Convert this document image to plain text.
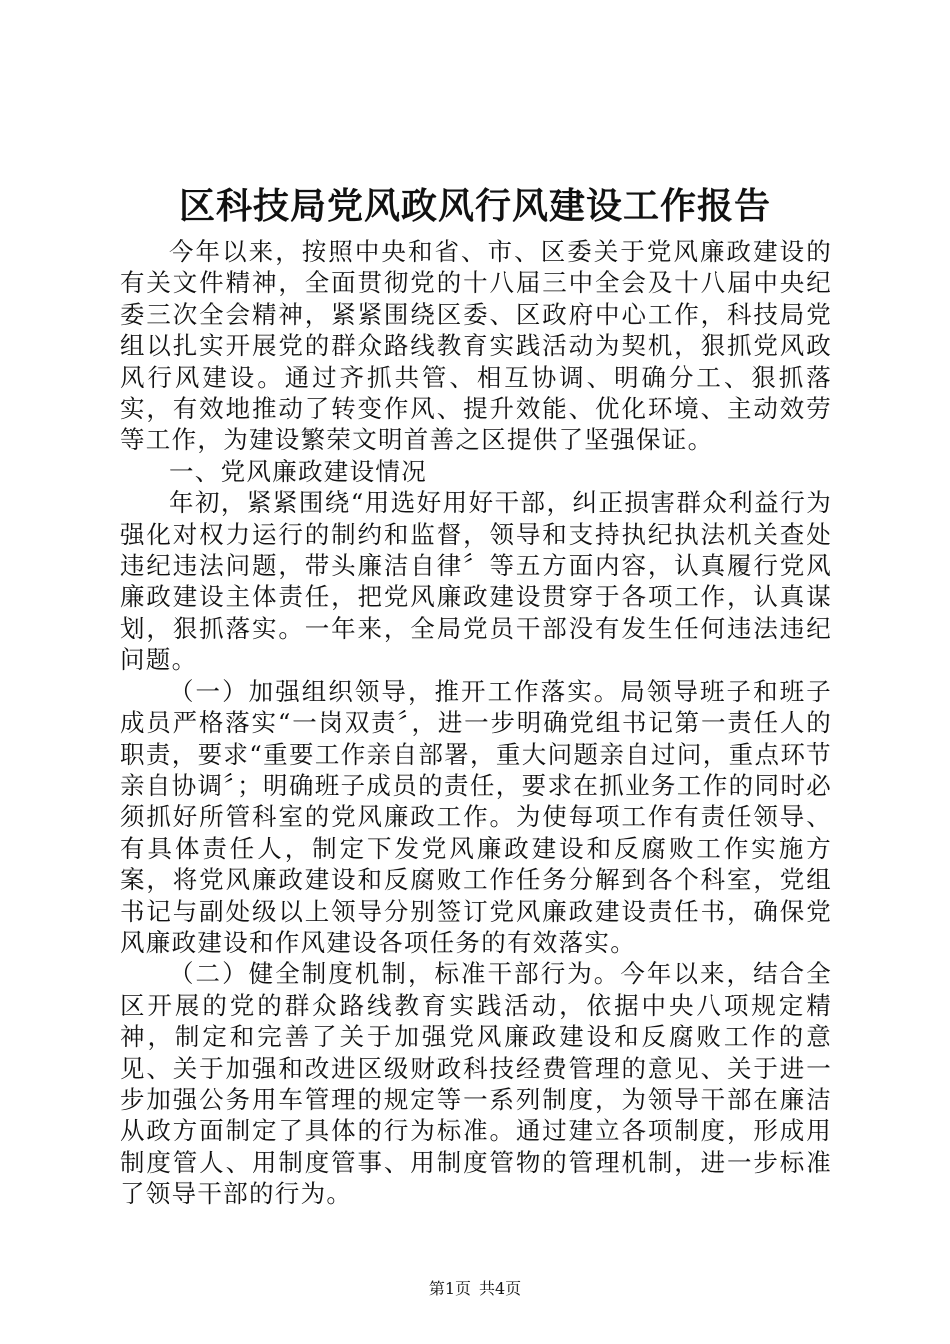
区科技局党风政风行风建设工作报告

今年以来，按照中央和省、市、区委关于党风廉政建设的有关文件精神，全面贯彻党的十八届三中全会及十八届中央纪委三次全会精神，紧紧围绕区委、区政府中心工作，科技局党组以扎实开展党的群众路线教育实践活动为契机，狠抓党风政风行风建设。通过齐抓共管、相互协调、明确分工、狠抓落实，有效地推动了转变作风、提升效能、优化环境、主动效劳等工作，为建设繁荣文明首善之区提供了坚强保证。

一、党风廉政建设情况

年初，紧紧围绕“用选好用好干部，纠正损害群众利益行为强化对权力运行的制约和监督，领导和支持执纪执法机关查处违纪违法问题，带头廉洁自律〞等五方面内容，认真履行党风廉政建设主体责任，把党风廉政建设贯穿于各项工作，认真谋划，狠抓落实。一年来，全局党员干部没有发生任何违法违纪问题。

（一）加强组织领导，推开工作落实。局领导班子和班子成员严格落实“一岗双责〞，进一步明确党组书记第一责任人的职责，要求“重要工作亲自部署，重大问题亲自过问，重点环节亲自协调〞；明确班子成员的责任，要求在抓业务工作的同时必须抓好所管科室的党风廉政工作。为使每项工作有责任领导、有具体责任人，制定下发党风廉政建设和反腐败工作实施方案，将党风廉政建设和反腐败工作任务分解到各个科室，党组书记与副处级以上领导分别签订党风廉政建设责任书，确保党风廉政建设和作风建设各项任务的有效落实。

（二）健全制度机制，标准干部行为。今年以来，结合全区开展的党的群众路线教育实践活动，依据中央八项规定精神，制定和完善了关于加强党风廉政建设和反腐败工作的意见、关于加强和改进区级财政科技经费管理的意见、关于进一步加强公务用车管理的规定等一系列制度，为领导干部在廉洁从政方面制定了具体的行为标准。通过建立各项制度，形成用制度管人、用制度管事、用制度管物的管理机制，进一步标准了领导干部的行为。

第1页 共4页
